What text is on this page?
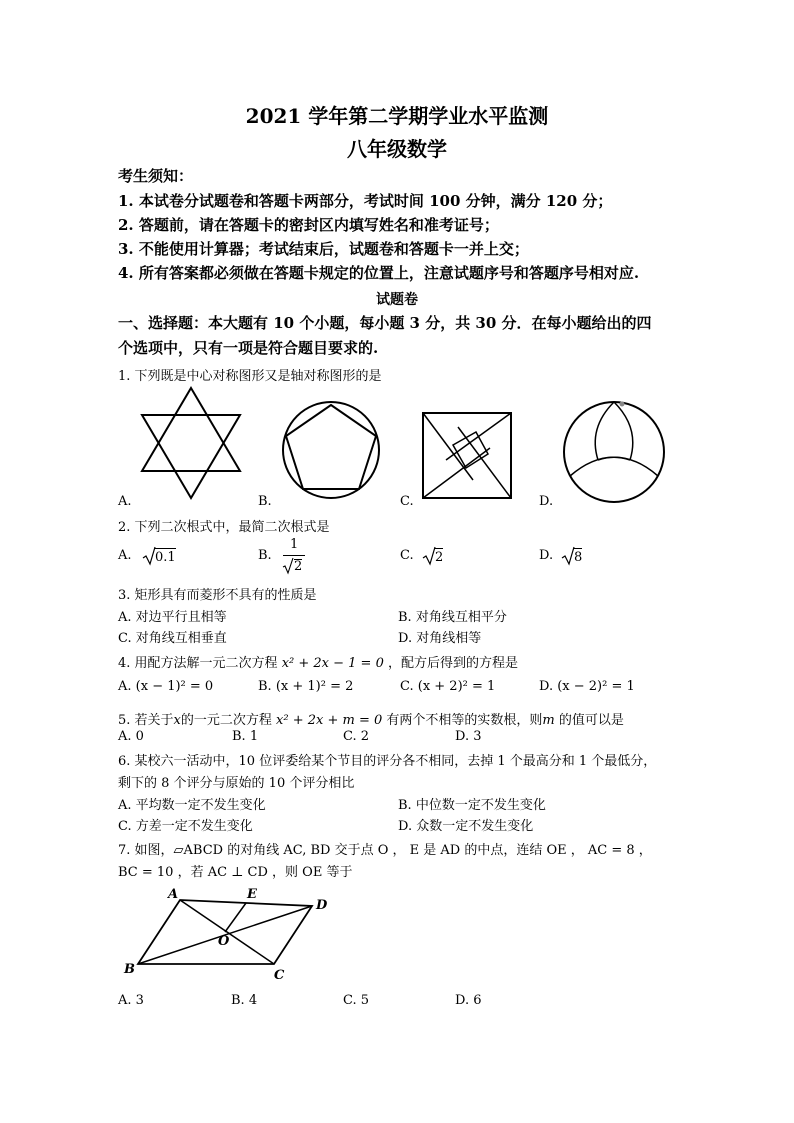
2021 学年第二学期学业水平监测
八年级数学
考生须知：
1. 本试卷分试题卷和答题卡两部分，考试时间 100 分钟，满分 120 分；
2. 答题前，请在答题卡的密封区内填写姓名和准考证号；
3. 不能使用计算器；考试结束后，试题卷和答题卡一并上交；
4. 所有答案都必须做在答题卡规定的位置上，注意试题序号和答题序号相对应.
试题卷
一、选择题：本大题有 10 个小题，每小题 3 分，共 30 分．在每小题给出的四
个选项中，只有一项是符合题目要求的.
1. 下列既是中心对称图形又是轴对称图形的是
A.	B.	C.	D.
2. 下列二次根式中，最简二次根式是
A. 0.1	B.
1
2
C. 2	D. 8
3. 矩形具有而菱形不具有的性质是
A. 对边平行且相等	B. 对角线互相平分
C. 对角线互相垂直	D. 对角线相等
4. 用配方法解一元二次方程 x² + 2x − 1 = 0 ，配方后得到的方程是
A. (x − 1)² = 0	B. (x + 1)² = 2	C. (x + 2)² = 1	D. (x − 2)² = 1
5. 若关于x的一元二次方程 x² + 2x + m = 0 有两个不相等的实数根，则m 的值可以是
A. 0	B. 1	C. 2	D. 3
6. 某校六一活动中，10 位评委给某个节目的评分各不相同，去掉 1 个最高分和 1 个最低分，
剩下的 8 个评分与原始的 10 个评分相比
A. 平均数一定不发生变化	B. 中位数一定不发生变化
C. 方差一定不发生变化	D. 众数一定不发生变化
7. 如图，▱ABCD 的对角线 AC, BD 交于点 O ， E 是 AD 的中点，连结 OE ， AC = 8 ，
BC = 10 ，若 AC ⊥ CD ，则 OE 等于
A	E
D
O
B	C
A. 3	B. 4	C. 5	D. 6
